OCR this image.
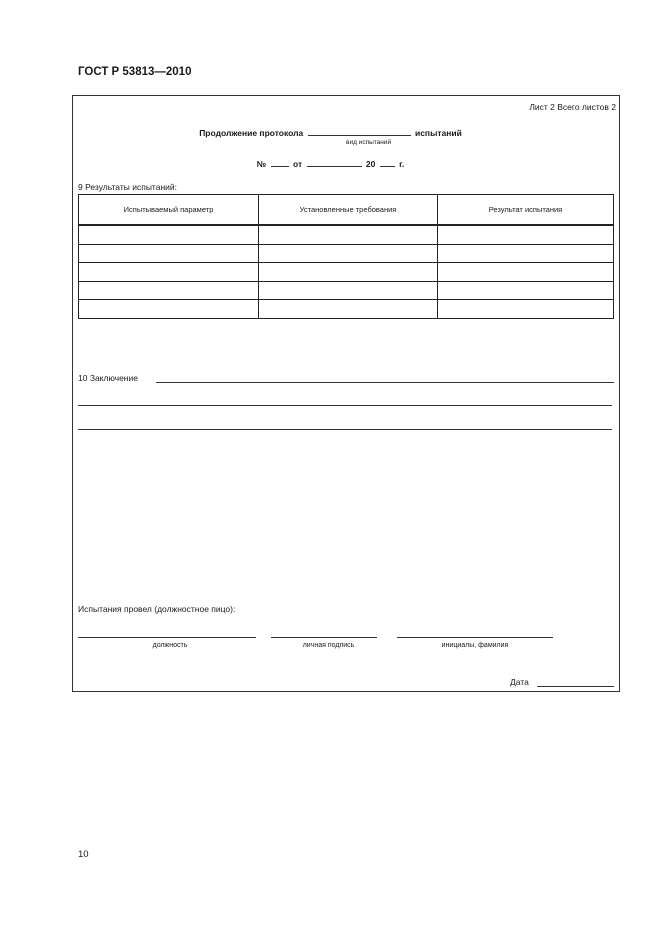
ГОСТ Р 53813—2010
Лист 2 Всего листов 2
Продолжение протокола	испытаний
вид испытаний
№	от	20	г.
9 Результаты испытаний:
Испытываемый параметр	Установленные требования	Результат испытания

10 Заключение
Испытания провел (должностное пицо):
должность	личная подпись	инициалы, фамилия
Дата
10
